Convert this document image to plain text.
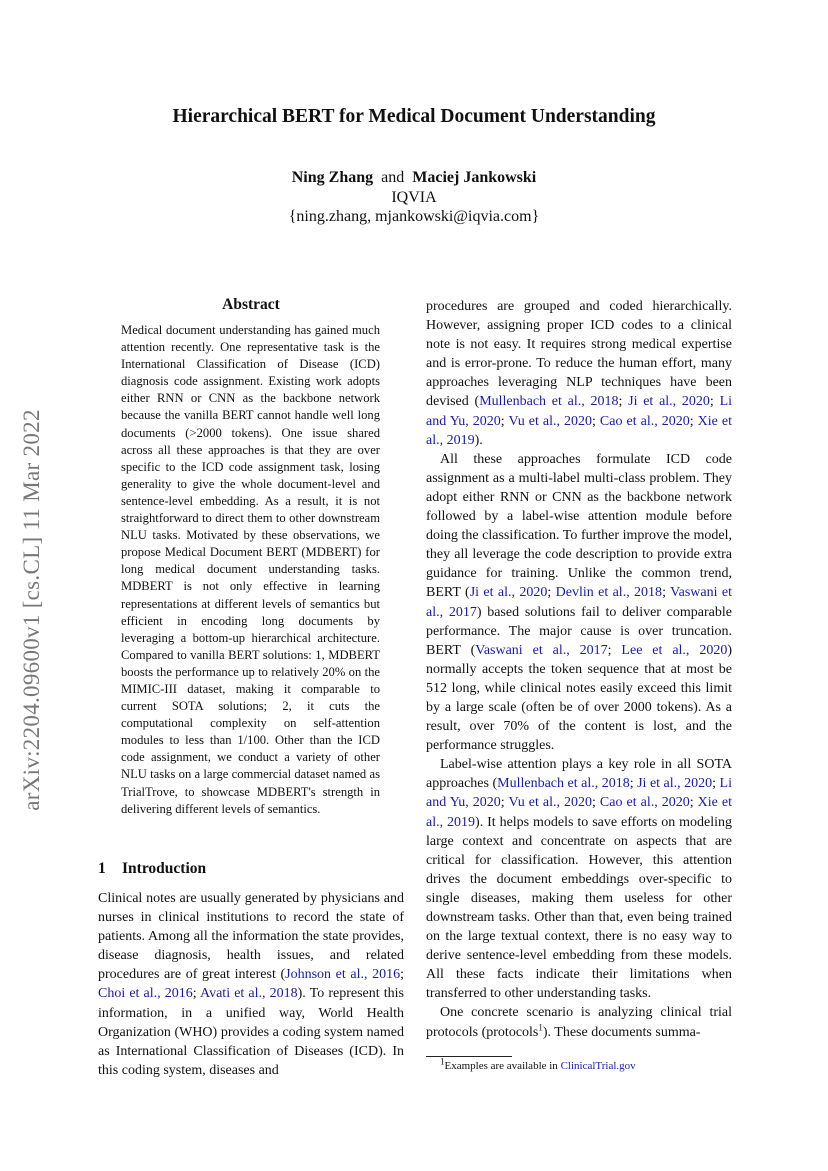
arXiv:2204.09600v1 [cs.CL] 11 Mar 2022
Hierarchical BERT for Medical Document Understanding
Ning Zhang and Maciej Jankowski
IQVIA
{ning.zhang, mjankowski@iqvia.com}
Abstract
Medical document understanding has gained much attention recently. One representative task is the International Classification of Disease (ICD) diagnosis code assignment. Existing work adopts either RNN or CNN as the backbone network because the vanilla BERT cannot handle well long documents (>2000 tokens). One issue shared across all these approaches is that they are over specific to the ICD code assignment task, losing generality to give the whole document-level and sentence-level embedding. As a result, it is not straightforward to direct them to other downstream NLU tasks. Motivated by these observations, we propose Medical Document BERT (MDBERT) for long medical document understanding tasks. MDBERT is not only effective in learning representations at different levels of semantics but efficient in encoding long documents by leveraging a bottom-up hierarchical architecture. Compared to vanilla BERT solutions: 1, MDBERT boosts the performance up to relatively 20% on the MIMIC-III dataset, making it comparable to current SOTA solutions; 2, it cuts the computational complexity on self-attention modules to less than 1/100. Other than the ICD code assignment, we conduct a variety of other NLU tasks on a large commercial dataset named as TrialTrove, to showcase MDBERT's strength in delivering different levels of semantics.
1 Introduction
Clinical notes are usually generated by physicians and nurses in clinical institutions to record the state of patients. Among all the information the state provides, disease diagnosis, health issues, and related procedures are of great interest (Johnson et al., 2016; Choi et al., 2016; Avati et al., 2018). To represent this information, in a unified way, World Health Organization (WHO) provides a coding system named as International Classification of Diseases (ICD). In this coding system, diseases and

procedures are grouped and coded hierarchically. However, assigning proper ICD codes to a clinical note is not easy. It requires strong medical expertise and is error-prone. To reduce the human effort, many approaches leveraging NLP techniques have been devised (Mullenbach et al., 2018; Ji et al., 2020; Li and Yu, 2020; Vu et al., 2020; Cao et al., 2020; Xie et al., 2019).

All these approaches formulate ICD code assignment as a multi-label multi-class problem. They adopt either RNN or CNN as the backbone network followed by a label-wise attention module before doing the classification. To further improve the model, they all leverage the code description to provide extra guidance for training. Unlike the common trend, BERT (Ji et al., 2020; Devlin et al., 2018; Vaswani et al., 2017) based solutions fail to deliver comparable performance. The major cause is over truncation. BERT (Vaswani et al., 2017; Lee et al., 2020) normally accepts the token sequence that at most be 512 long, while clinical notes easily exceed this limit by a large scale (often be of over 2000 tokens). As a result, over 70% of the content is lost, and the performance struggles.

Label-wise attention plays a key role in all SOTA approaches (Mullenbach et al., 2018; Ji et al., 2020; Li and Yu, 2020; Vu et al., 2020; Cao et al., 2020; Xie et al., 2019). It helps models to save efforts on modeling large context and concentrate on aspects that are critical for classification. However, this attention drives the document embeddings over-specific to single diseases, making them useless for other downstream tasks. Other than that, even being trained on the large textual context, there is no easy way to derive sentence-level embedding from these models. All these facts indicate their limitations when transferred to other understanding tasks.

One concrete scenario is analyzing clinical trial protocols (protocols$^1$). These documents summa-

$^1$Examples are available in ClinicalTrial.gov
